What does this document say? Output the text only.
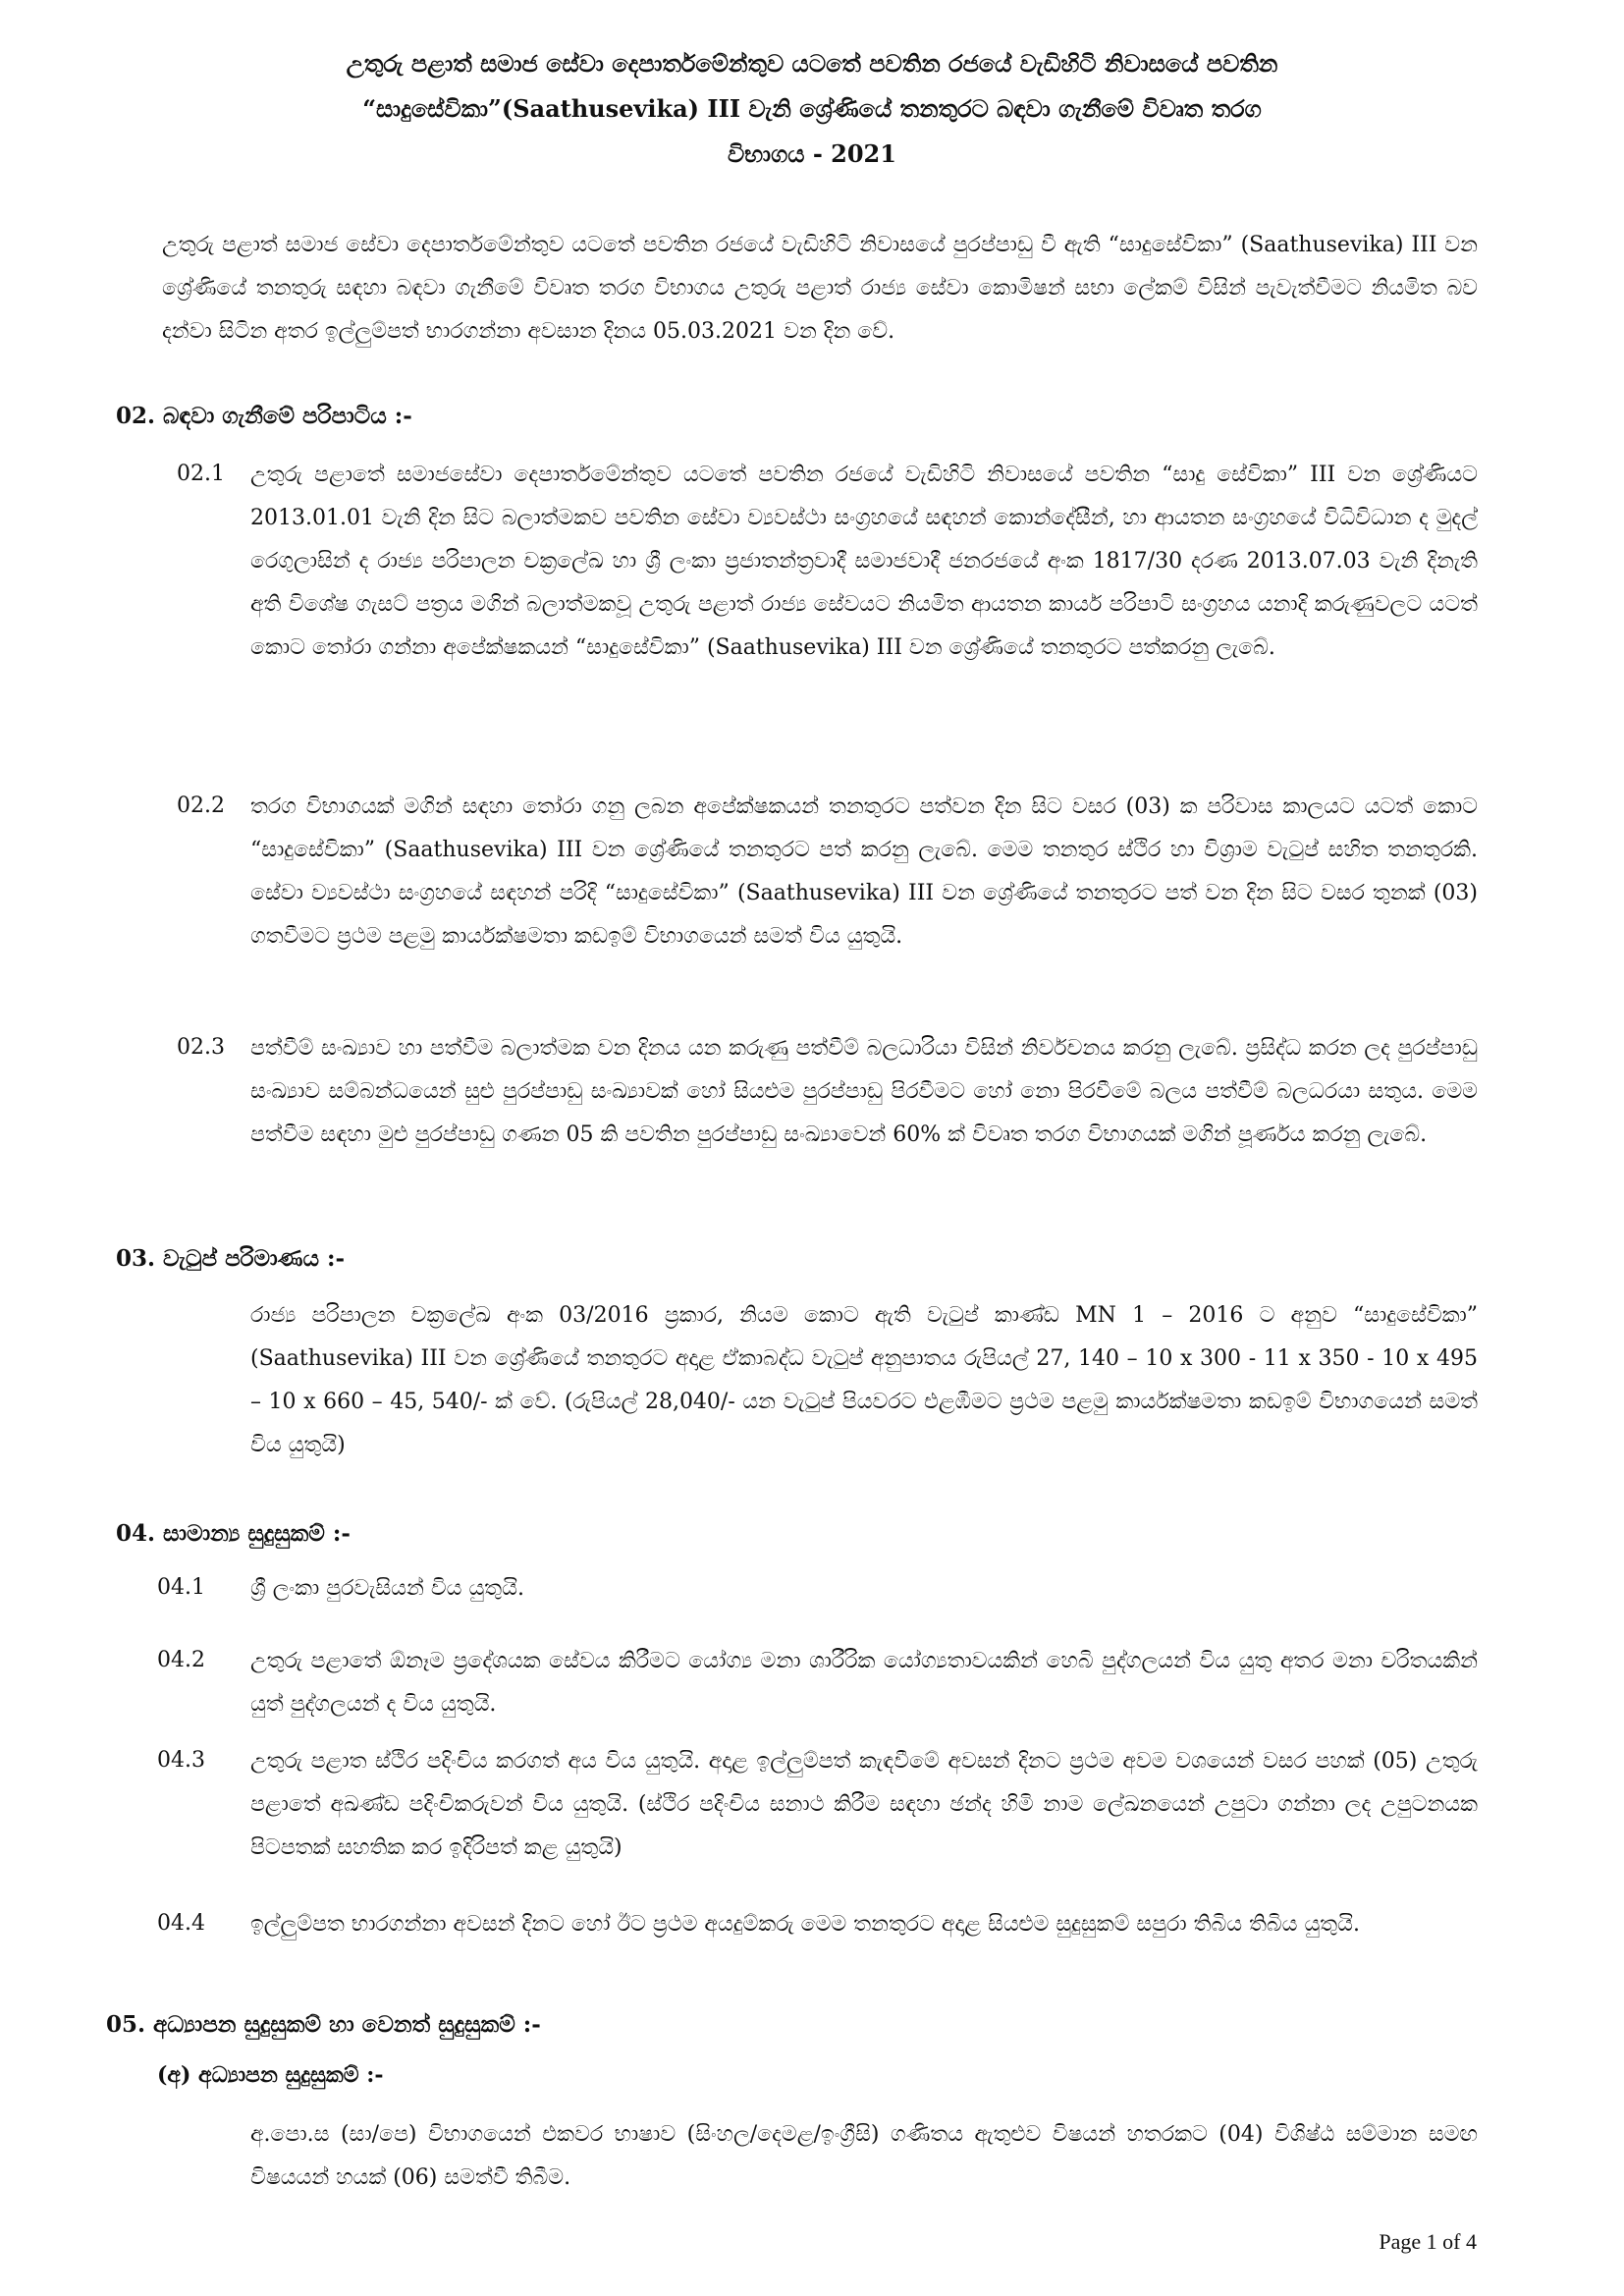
උතුරු පළාත් සමාජ සේවා දෙපාර්තමේන්තුව යටතේ පවතින රජයේ වැඩිහිටි නිවාසයේ පවතින
“සාදුසේවිකා”(Saathusevika) III වැනි ශ්‍රේණියේ තනතුරට බඳවා ගැනීමේ විවෘත තරග
විභාගය - 2021
උතුරු පළාත් සමාජ සේවා දෙපාර්තමේන්තුව යටතේ පවතින රජයේ වැඩිහිටි නිවාසයේ පුරප්පාඩු වී ඇති “සාදුසේවිකා” (Saathusevika) III වන ශ්‍රේණියේ තනතුරු සඳහා බඳවා ගැනීමේ විවෘත තරග විභාගය උතුරු පළාත් රාජ්‍ය සේවා කොමිෂන් සභා ලේකම් විසින් පැවැත්වීමට නියමිත බව දන්වා සිටින අතර ඉල්ලුම්පත් භාරගන්නා අවසාන දිනය 05.03.2021 වන දින වේ.
02. බඳවා ගැනීමේ පරිපාටිය :-
02.1 උතුරු පළාතේ සමාජසේවා දෙපාර්තමේන්තුව යටතේ පවතින රජයේ වැඩිහිටි නිවාසයේ පවතින “සාදු සේවිකා” III වන ශ්‍රේණියට 2013.01.01 වැනි දින සිට බලාත්මකව පවතින සේවා ව්‍යවස්ථා සංග්‍රහයේ සඳහන් කොන්දේසීන්, හා ආයතන සංග්‍රහයේ විධිවිධාන ද මුදල් රෙගුලාසින් ද රාජ්‍ය පරිපාලන චක්‍රලේඛ හා ශ්‍රී ලංකා ප්‍රජාතන්ත්‍රවාදී සමාජවාදී ජනරජයේ අංක 1817/30 දරණ 2013.07.03 වැනි දිනැති අති විශේෂ ගැසට් පත්‍රය මගින් බලාත්මකවූ උතුරු පළාත් රාජ්‍ය සේවයට නියමිත ආයතන කාර්ය පරිපාටි සංග්‍රහය යනාදි කරුණුවලට යටත් කොට තෝරා ගන්නා අපේක්ෂකයන් “සාදුසේවිකා” (Saathusevika) III වන ශ්‍රේණියේ තනතුරට පත්කරනු ලැබේ.
02.2 තරග විභාගයක් මගින් සඳහා තෝරා ගනු ලබන අපේක්ෂකයන් තනතුරට පත්වන දින සිට වසර (03) ක පරිවාස කාලයට යටත් කොට “සාදුසේවිකා” (Saathusevika) III වන ශ්‍රේණියේ තනතුරට පත් කරනු ලැබේ. මෙම තනතුර ස්ථිර හා විශ්‍රාම වැටුප් සහිත තනතුරකි. සේවා ව්‍යවස්ථා සංග්‍රහයේ සඳහන් පරිදි “සාදුසේවිකා” (Saathusevika) III වන ශ්‍රේණියේ තනතුරට පත් වන දින සිට වසර තුනක් (03) ගතවීමට ප්‍රථම පළමු කාර්යක්ෂමතා කඩඉම් විභාගයෙන් සමත් විය යුතුයි.
02.3 පත්වීම් සංඛ්‍යාව හා පත්වීම බලාත්මක වන දිනය යන කරුණු පත්වීම් බලධාරියා විසින් නිර්වචනය කරනු ලැබේ. ප්‍රසිද්ධ කරන ලද පුරප්පාඩු සංඛ්‍යාව සම්බන්ධයෙන් සුළු පුරප්පාඩු සංඛ්‍යාවක් හෝ සියළුම පුරප්පාඩු පිරවීමට හෝ නො පිරවීමේ බලය පත්වීම් බලධරයා සතුය. මෙම පත්වීම සඳහා මුළු පුරප්පාඩු ගණන 05 කි පවතින පුරප්පාඩු සංඛ්‍යාවෙන් 60% ක් විවෘත තරග විභාගයක් මගින් පූර්ණය කරනු ලැබේ.
03. වැටුප් පරිමාණය :-
රාජ්‍ය පරිපාලන චක්‍රලේඛ අංක 03/2016 ප්‍රකාර, නියම කොට ඇති වැටුප් කාණ්ඩ MN 1 – 2016 ට අනුව “සාදුසේවිකා” (Saathusevika) III වන ශ්‍රේණියේ තනතුරට අදාළ ඒකාබද්ධ වැටුප් අනුපාතය රුපියල් 27, 140 – 10 x 300 - 11 x 350 - 10 x 495 – 10 x 660 – 45, 540/- ක් වේ. (රුපියල් 28,040/- යන වැටුප් පියවරට එළඹීමට ප්‍රථම පළමු කාර්යක්ෂමතා කඩඉම් විභාගයෙන් සමත් විය යුතුයි)
04. සාමාන්‍ය සුදුසුකම් :-
04.1 ශ්‍රී ලංකා පුරවැසියන් විය යුතුයි.
04.2 උතුරු පළාතේ ඕනෑම ප්‍රදේශයක සේවය කිරීමට යෝග්‍ය මනා ශාරීරික යෝග්‍යතාවයකින් හෙබි පුද්ගලයන් විය යුතු අතර මනා චරිතයකින් යුත් පුද්ගලයන් ද විය යුතුයි.
04.3 උතුරු පළාත ස්ථිර පදිංචිය කරගත් අය විය යුතුයි. අදාළ ඉල්ලුම්පත් කැඳවීමේ අවසන් දිනට ප්‍රථම අවම වශයෙන් වසර පහක් (05) උතුරු පළාතේ අඛණ්ඩ පදිංචිකරුවන් විය යුතුයි. (ස්ථිර පදිංචිය සනාථ කිරීම සඳහා ඡන්ද හිමි නාම ලේඛනයෙන් උපුටා ගන්නා ලද උපුටනයක පිටපතක් සහතික කර ඉදිරිපත් කළ යුතුයි)
04.4 ඉල්ලුම්පත භාරගන්නා අවසන් දිනට හෝ ඊට ප්‍රථම අයදුම්කරු මෙම තනතුරට අදාළ සියළුම සුදුසුකම් සපුරා තිබිය තිබිය යුතුයි.
05. අධ්‍යාපන සුදුසුකම් හා වෙනත් සුදුසුකම් :-
(අ) අධ්‍යාපන සුදුසුකම් :-
අ.පො.ස (සා/පෙ) විභාගයෙන් එකවර භාෂාව (සිංහල/දෙමළ/ඉංග්‍රීසි) ගණිතය ඇතුළුව විෂයන් හතරකට (04) විශිෂ්ඨ සම්මාන සමඟ විෂයයන් හයක් (06) සමත්වී තිබීම.
Page 1 of 4
